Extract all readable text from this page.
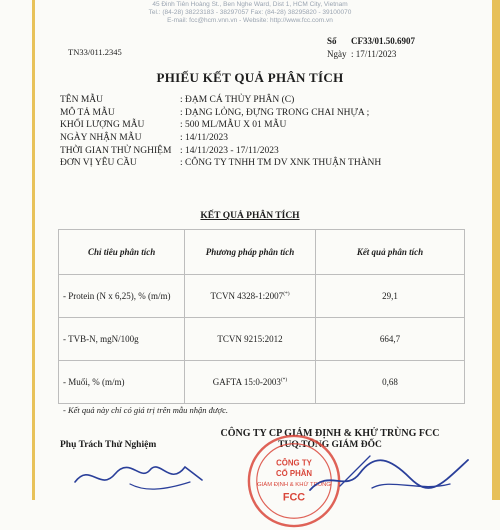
45 Đinh Tiên Hoàng St., Ben Nghe Ward, Dist 1, HCM City, Vietnam
Tel.: (84-28) 38223183 - 38297057 Fax: (84-28) 38295820 - 39100070
E-mail: fcc@hcm.vnn.vn - Website: http://www.fcc.com.vn
Số	CF33/01.50.6907
Ngày : 17/11/2023
TN33/011.2345
PHIẾU KẾT QUẢ PHÂN TÍCH
TÊN MẪU	: ĐẠM CÁ THỦY PHÂN (C)
MÔ TẢ MẪU	: DẠNG LỎNG, ĐỰNG TRONG CHAI NHỰA ;
KHỐI LƯỢNG MẪU	: 500 ML/MẪU X 01 MẪU
NGÀY NHẬN MẪU	: 14/11/2023
THỜI GIAN THỬ NGHIỆM : 14/11/2023 - 17/11/2023
ĐƠN VỊ YÊU CẦU	: CÔNG TY TNHH TM DV XNK THUẬN THÀNH
KẾT QUẢ PHÂN TÍCH
Chỉ tiêu phân tích	Phương pháp phân tích	Kết quả phân tích
- Protein (N x 6,25), % (m/m)	TCVN 4328-1:2007(*)	29,1
- TVB-N, mgN/100g	TCVN 9215:2012	664,7
- Muối, % (m/m)	GAFTA 15:0-2003(*)	0,68
- Kết quả này chỉ có giá trị trên mẫu nhận được.
Phụ Trách Thử Nghiệm
CÔNG TY CP GIÁM ĐỊNH & KHỬ TRÙNG FCC
TUQ.TỔNG GIÁM ĐỐC
CÔNG TY
CỔ PHẦN
GIÁM ĐỊNH & KHỬ TRÙNG
FCC
